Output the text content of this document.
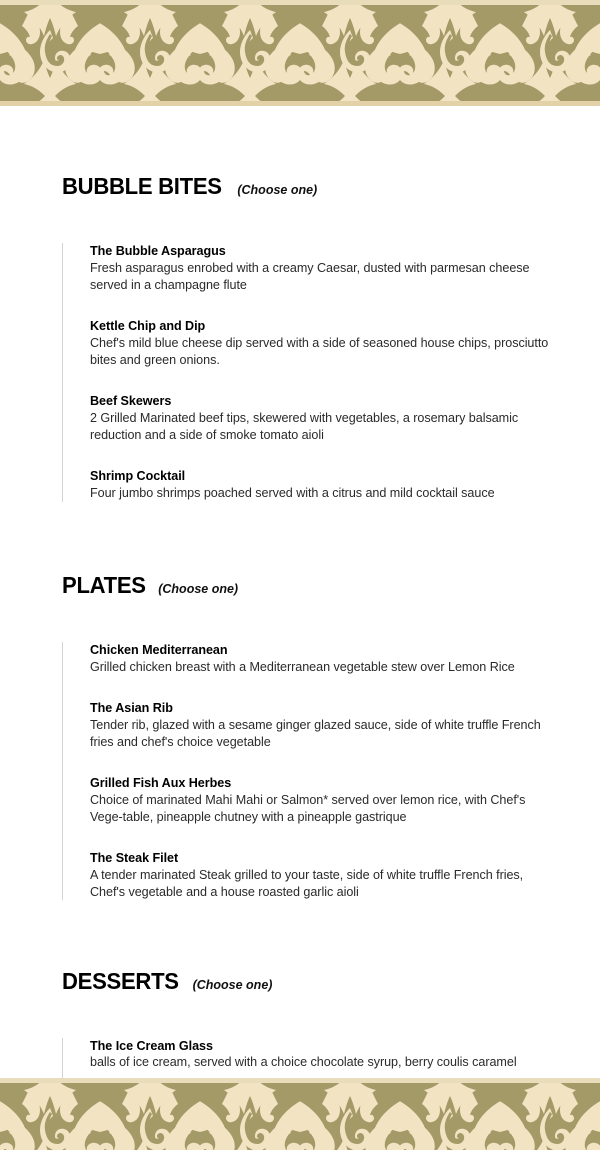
BUBBLE BITES (Choose one)

The Bubble Asparagus

Fresh asparagus enrobed with a creamy Caesar, dusted with parmesan cheese served in a champagne flute

Kettle Chip and Dip

Chef's mild blue cheese dip served with a side of seasoned house chips, prosciutto bites and green onions.

Beef Skewers

2 Grilled Marinated beef tips, skewered with vegetables, a rosemary balsamic reduction and a side of smoke tomato aioli

Shrimp Cocktail

Four jumbo shrimps poached served with a citrus and mild cocktail sauce

PLATES (Choose one)

Chicken Mediterranean

Grilled chicken breast with a Mediterranean vegetable stew over Lemon Rice

The Asian Rib

Tender rib, glazed with a sesame ginger glazed sauce, side of white truffle French fries and chef's choice vegetable

Grilled Fish Aux Herbes

Choice of marinated Mahi Mahi or Salmon* served over lemon rice, with Chef's Vege-table, pineapple chutney with a pineapple gastrique

The Steak Filet

A tender marinated Steak grilled to your taste, side of white truffle French fries, Chef's vegetable and a house roasted garlic aioli

DESSERTS (Choose one)

The Ice Cream Glass

balls of ice cream, served with a choice chocolate syrup, berry coulis caramel
